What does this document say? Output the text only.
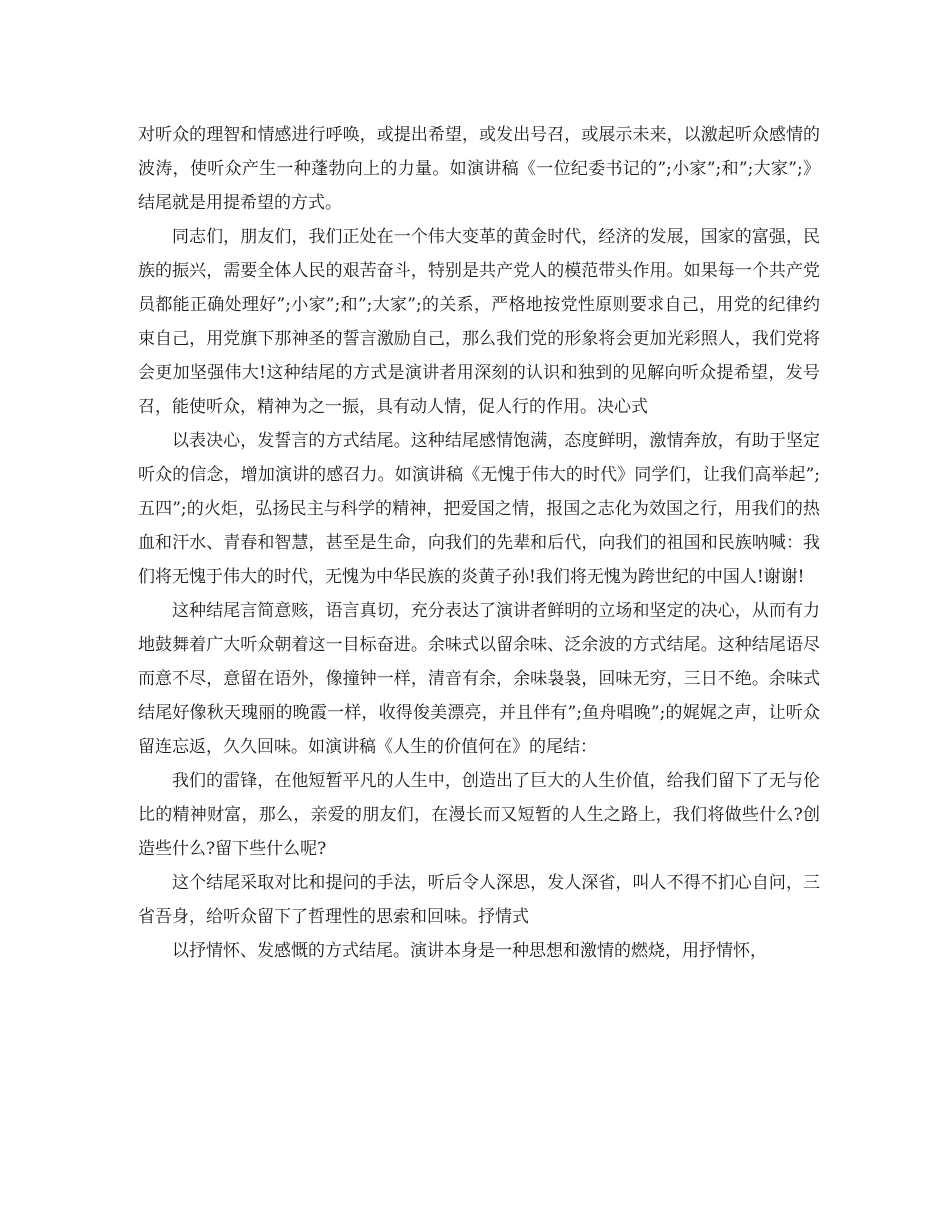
对听众的理智和情感进行呼唤，或提出希望，或发出号召，或展示未来，以激起听众感情的波涛，使听众产生一种蓬勃向上的力量。如演讲稿《一位纪委书记的”;小家”;和”;大家”;》结尾就是用提希望的方式。

同志们，朋友们，我们正处在一个伟大变革的黄金时代，经济的发展，国家的富强，民族的振兴，需要全体人民的艰苦奋斗，特别是共产党人的模范带头作用。如果每一个共产党员都能正确处理好”;小家”;和”;大家”;的关系，严格地按党性原则要求自己，用党的纪律约束自己，用党旗下那神圣的誓言激励自己，那么我们党的形象将会更加光彩照人，我们党将会更加坚强伟大!这种结尾的方式是演讲者用深刻的认识和独到的见解向听众提希望，发号召，能使听众，精神为之一振，具有动人情，促人行的作用。决心式

以表决心，发誓言的方式结尾。这种结尾感情饱满，态度鲜明，激情奔放，有助于坚定听众的信念，增加演讲的感召力。如演讲稿《无愧于伟大的时代》同学们，让我们高举起”;五四”;的火炬，弘扬民主与科学的精神，把爱国之情，报国之志化为效国之行，用我们的热血和汗水、青春和智慧，甚至是生命，向我们的先辈和后代，向我们的祖国和民族呐喊：我们将无愧于伟大的时代，无愧为中华民族的炎黄子孙!我们将无愧为跨世纪的中国人!谢谢!

这种结尾言简意赅，语言真切，充分表达了演讲者鲜明的立场和坚定的决心，从而有力地鼓舞着广大听众朝着这一目标奋进。余味式以留余味、泛余波的方式结尾。这种结尾语尽而意不尽，意留在语外，像撞钟一样，清音有余，余味袅袅，回味无穷，三日不绝。余味式结尾好像秋天瑰丽的晚霞一样，收得俊美漂亮，并且伴有”;鱼舟唱晚”;的娓娓之声，让听众留连忘返，久久回味。如演讲稿《人生的价值何在》的尾结：

我们的雷锋，在他短暂平凡的人生中，创造出了巨大的人生价值，给我们留下了无与伦比的精神财富，那么，亲爱的朋友们，在漫长而又短暂的人生之路上，我们将做些什么?创造些什么?留下些什么呢?

这个结尾采取对比和提问的手法，听后令人深思，发人深省，叫人不得不扪心自问，三省吾身，给听众留下了哲理性的思索和回味。抒情式

以抒情怀、发感慨的方式结尾。演讲本身是一种思想和激情的燃烧，用抒情怀，
